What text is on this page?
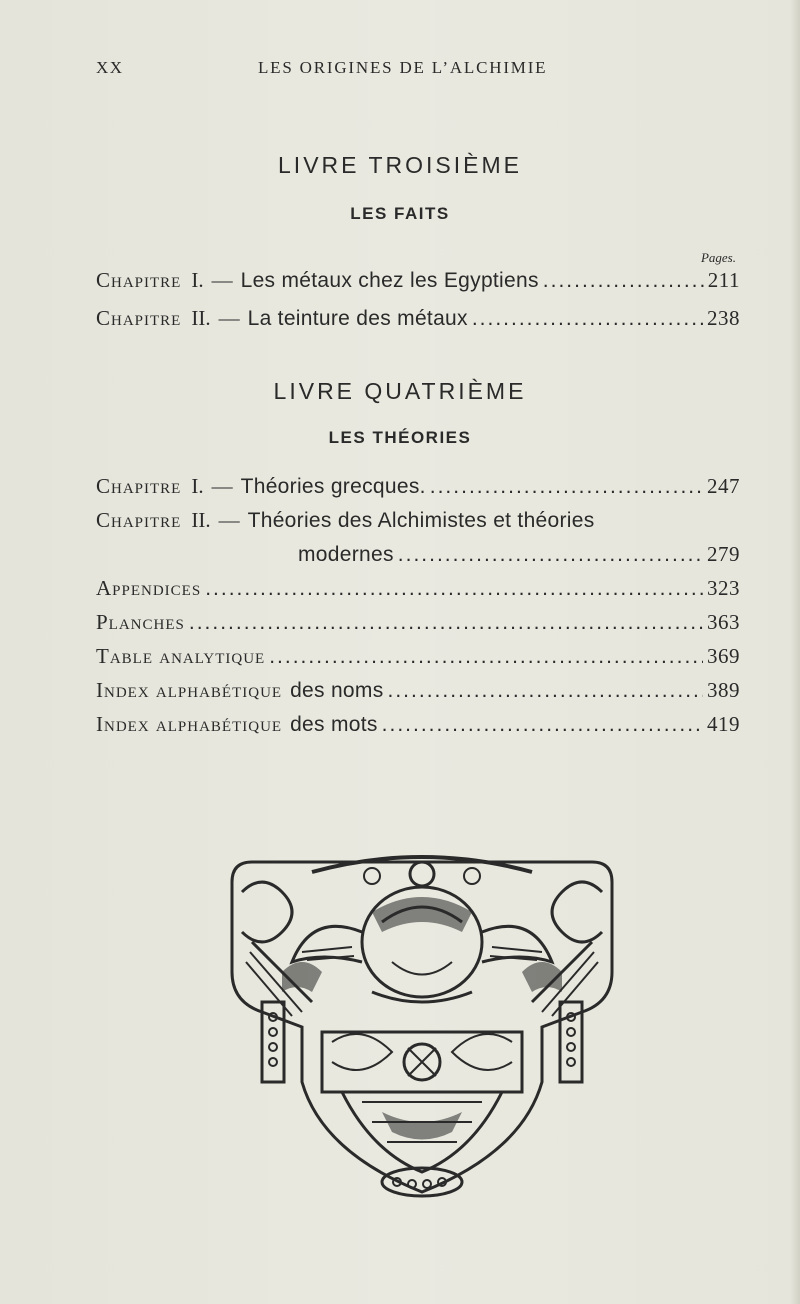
XX	LES ORIGINES DE L’ALCHIMIE
LIVRE TROISIÈME
LES FAITS
Pages.
Chapitre I. — Les métaux chez les Egyptiens .....	211
Chapitre II. — La teinture des métaux .....	238
LIVRE QUATRIÈME
LES THÉORIES
Chapitre I. — Théories grecques. .....	247
Chapitre II. — Théories des Alchimistes et théories
modernes .....	279
Appendices .....	323
Planches .....	363
Table analytique .....	369
Index alphabétique des noms .....	389
Index alphabétique des mots .....	419
